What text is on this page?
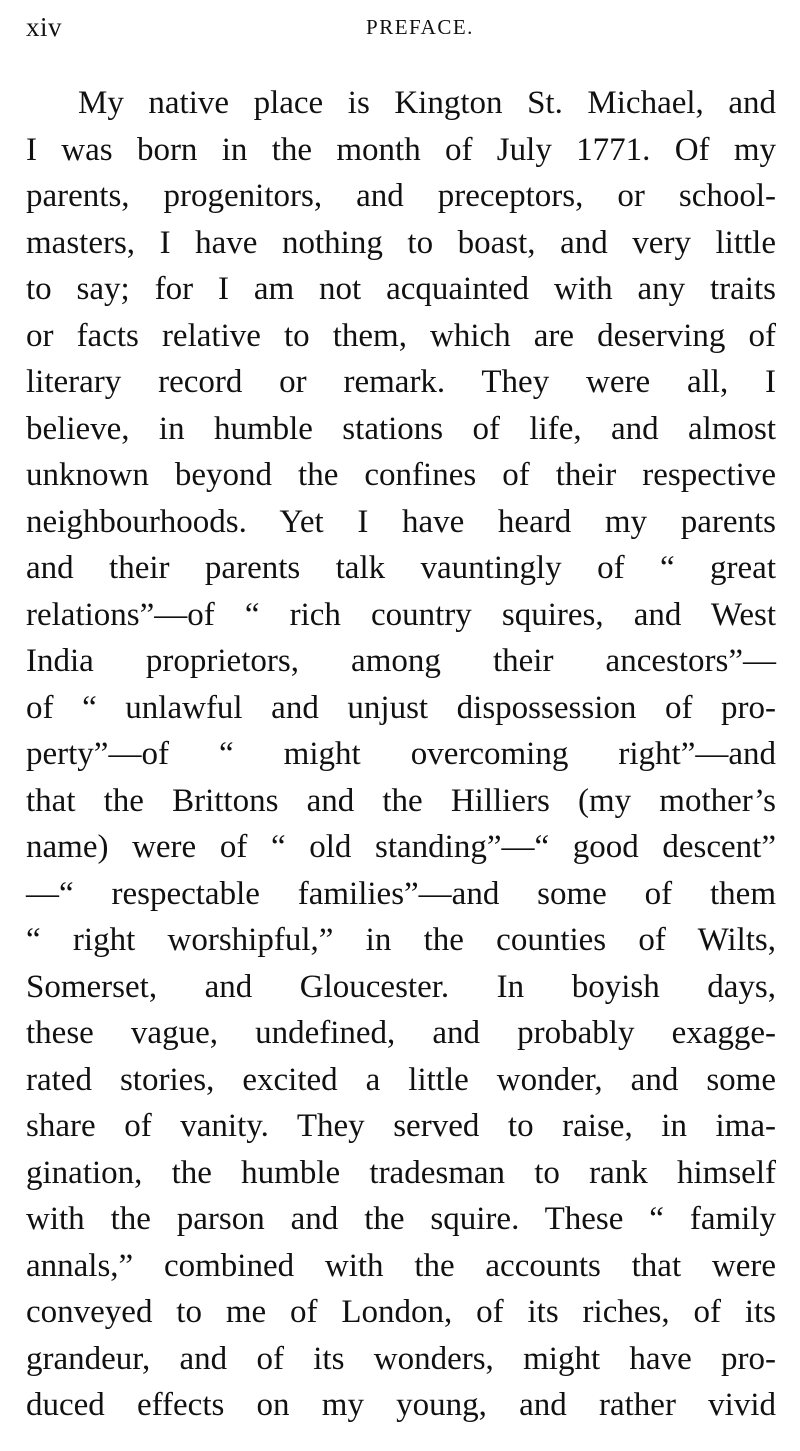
xiv	PREFACE.
My native place is Kington St. Michael, and
I was born in the month of July 1771. Of my
parents, progenitors, and preceptors, or school-
masters, I have nothing to boast, and very little
to say; for I am not acquainted with any traits
or facts relative to them, which are deserving of
literary record or remark. They were all, I
believe, in humble stations of life, and almost
unknown beyond the confines of their respective
neighbourhoods. Yet I have heard my parents
and their parents talk vauntingly of “ great
relations”—of “ rich country squires, and West
India proprietors, among their ancestors”—
of “ unlawful and unjust dispossession of pro-
perty”—of “ might overcoming right”—and
that the Brittons and the Hilliers (my mother’s
name) were of “ old standing”—“ good descent”
—“ respectable families”—and some of them
“ right worshipful,” in the counties of Wilts,
Somerset, and Gloucester. In boyish days,
these vague, undefined, and probably exagge-
rated stories, excited a little wonder, and some
share of vanity. They served to raise, in ima-
gination, the humble tradesman to rank himself
with the parson and the squire. These “ family
annals,” combined with the accounts that were
conveyed to me of London, of its riches, of its
grandeur, and of its wonders, might have pro-
duced effects on my young, and rather vivid
